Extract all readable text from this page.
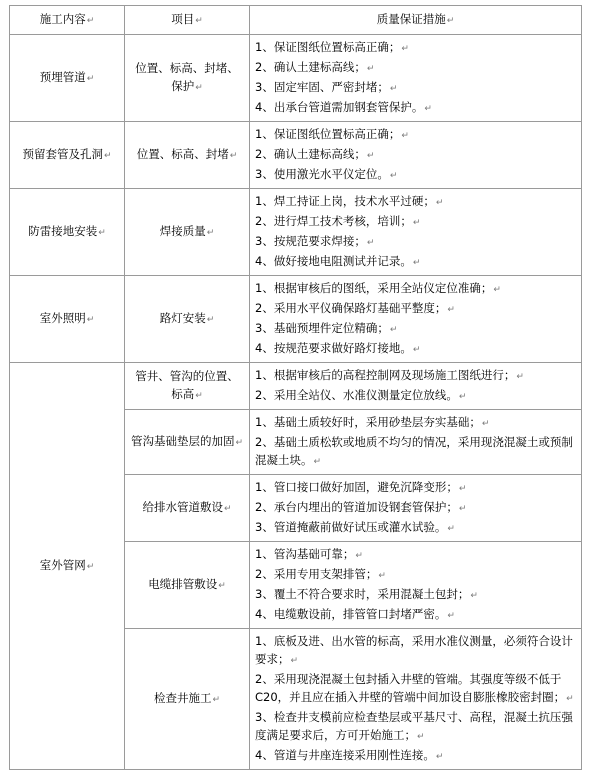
施工内容↵	项目↵	质量保证措施↵
预埋管道↵	位置、标高、封堵、保护↵	1、保证图纸位置标高正确；↵
2、确认土建标高线；↵
3、固定牢固、严密封堵；↵
4、出承台管道需加钢套管保护。↵

预留套管及孔洞↵	位置、标高、封堵↵	1、保证图纸位置标高正确；↵
2、确认土建标高线；↵
3、使用激光水平仪定位。↵

防雷接地安装↵	焊接质量↵	1、焊工持证上岗，技术水平过硬；↵
2、进行焊工技术考核，培训；↵
3、按规范要求焊接；↵
4、做好接地电阻测试并记录。↵

室外照明↵	路灯安装↵	1、根据审核后的图纸，采用全站仪定位准确；↵
2、采用水平仪确保路灯基础平整度；↵
3、基础预埋件定位精确；↵
4、按规范要求做好路灯接地。↵

室外管网↵	管井、管沟的位置、标高↵	1、根据审核后的高程控制网及现场施工图纸进行；↵
2、采用全站仪、水准仪测量定位放线。↵

	管沟基础垫层的加固↵	1、基础土质较好时，采用砂垫层夯实基础；↵
2、基础土质松软或地质不均匀的情况，采用现浇混凝土或预制混凝土块。↵

	给排水管道敷设↵	1、管口接口做好加固，避免沉降变形；↵
2、承台内埋出的管道加设钢套管保护；↵
3、管道掩蔽前做好试压或灌水试验。↵

	电缆排管敷设↵	1、管沟基础可靠；↵
2、采用专用支架排管；↵
3、覆土不符合要求时，采用混凝土包封；↵
4、电缆敷设前，排管管口封堵严密。↵

	检查井施工↵	1、底板及进、出水管的标高，采用水准仪测量，必须符合设计要求；↵
2、采用现浇混凝土包封插入井壁的管端。其强度等级不低于C20，并且应在插入井壁的管端中间加设自膨胀橡胶密封圈；↵
3、检查井支模前应检查垫层或平基尺寸、高程，混凝土抗压强度满足要求后，方可开始施工；↵
4、管道与井座连接采用刚性连接。↵
